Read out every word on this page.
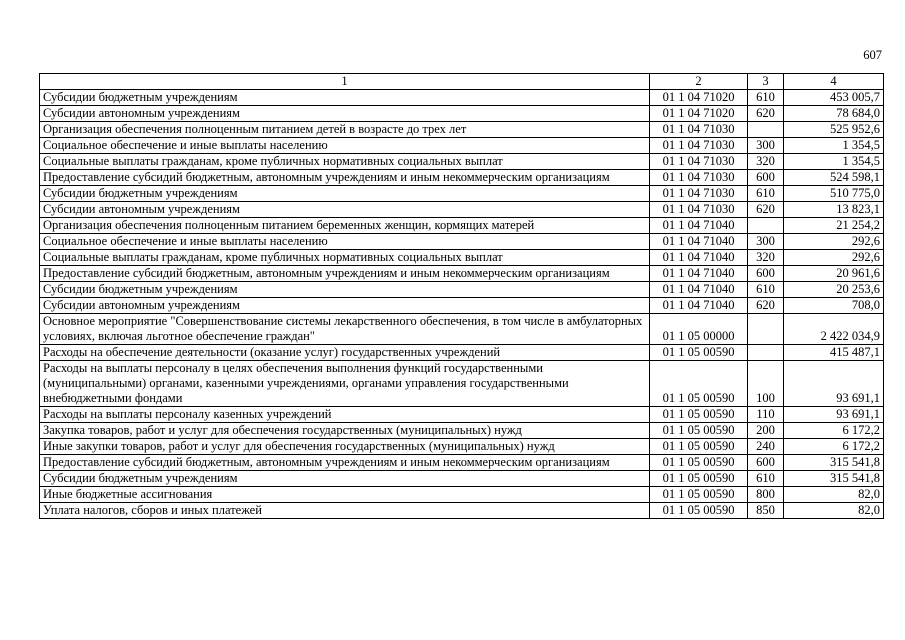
607
1	2	3	4
Субсидии бюджетным учреждениям	01 1 04 71020	610	453 005,7
Субсидии автономным учреждениям	01 1 04 71020	620	78 684,0
Организация обеспечения полноценным питанием детей в возрасте до трех лет	01 1 04 71030		525 952,6
Социальное обеспечение и иные выплаты населению	01 1 04 71030	300	1 354,5
Социальные выплаты гражданам, кроме публичных нормативных социальных выплат	01 1 04 71030	320	1 354,5
Предоставление субсидий бюджетным, автономным учреждениям и иным некоммерческим организациям	01 1 04 71030	600	524 598,1
Субсидии бюджетным учреждениям	01 1 04 71030	610	510 775,0
Субсидии автономным учреждениям	01 1 04 71030	620	13 823,1
Организация обеспечения полноценным питанием беременных женщин, кормящих матерей	01 1 04 71040		21 254,2
Социальное обеспечение и иные выплаты населению	01 1 04 71040	300	292,6
Социальные выплаты гражданам, кроме публичных нормативных социальных выплат	01 1 04 71040	320	292,6
Предоставление субсидий бюджетным, автономным учреждениям и иным некоммерческим организациям	01 1 04 71040	600	20 961,6
Субсидии бюджетным учреждениям	01 1 04 71040	610	20 253,6
Субсидии автономным учреждениям	01 1 04 71040	620	708,0
Основное мероприятие "Совершенствование системы лекарственного обеспечения, в том числе в амбулаторных условиях, включая льготное обеспечение граждан"	01 1 05 00000		2 422 034,9
Расходы на обеспечение деятельности (оказание услуг) государственных учреждений	01 1 05 00590		415 487,1
Расходы на выплаты персоналу в целях обеспечения выполнения функций государственными (муниципальными) органами, казенными учреждениями, органами управления государственными внебюджетными фондами	01 1 05 00590	100	93 691,1
Расходы на выплаты персоналу казенных учреждений	01 1 05 00590	110	93 691,1
Закупка товаров, работ и услуг для обеспечения государственных (муниципальных) нужд	01 1 05 00590	200	6 172,2
Иные закупки товаров, работ и услуг для обеспечения государственных (муниципальных) нужд	01 1 05 00590	240	6 172,2
Предоставление субсидий бюджетным, автономным учреждениям и иным некоммерческим организациям	01 1 05 00590	600	315 541,8
Субсидии бюджетным учреждениям	01 1 05 00590	610	315 541,8
Иные бюджетные ассигнования	01 1 05 00590	800	82,0
Уплата налогов, сборов и иных платежей	01 1 05 00590	850	82,0
